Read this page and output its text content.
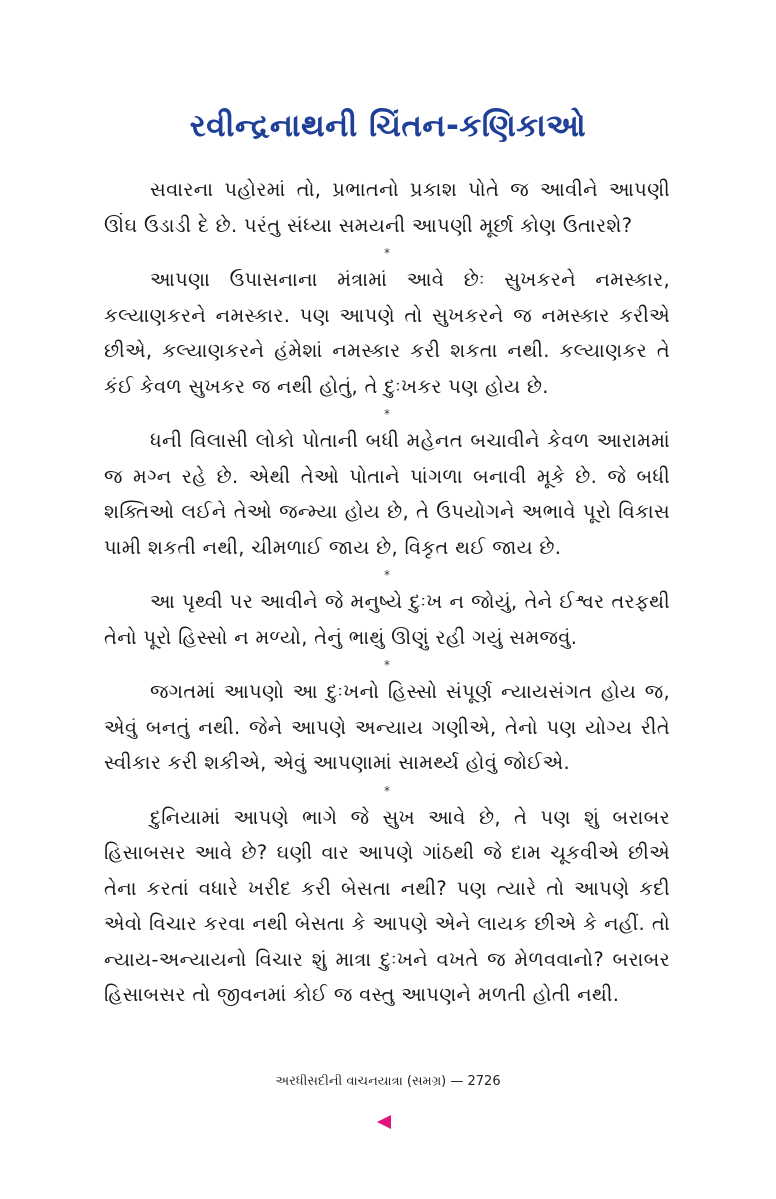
રવીન્દ્રનાથની ચિંતન-કણિકાઓ

સવારના પહોરમાં તો, પ્રભાતનો પ્રકાશ પોતે જ આવીને આપણી ઊંઘ ઉડાડી દે છે. પરંતુ સંધ્યા સમયની આપણી મૂર્છા કોણ ઉતારશે?

*

આપણા ઉપાસનાના મંત્રામાં આવે છેઃ સુખકરને નમસ્કાર, કલ્યાણકરને નમસ્કાર. પણ આપણે તો સુખકરને જ નમસ્કાર કરીએ છીએ, કલ્યાણકરને હંમેશાં નમસ્કાર કરી શકતા નથી. કલ્યાણકર તે કંઈ કેવળ સુખકર જ નથી હોતું, તે દુઃખકર પણ હોય છે.

*

ધની વિલાસી લોકો પોતાની બધી મહેનત બચાવીને કેવળ આરામમાં જ મગ્ન રહે છે. એથી તેઓ પોતાને પાંગળા બનાવી મૂકે છે. જે બધી શક્તિઓ લઈને તેઓ જન્મ્યા હોય છે, તે ઉપયોગને અભાવે પૂરો વિકાસ પામી શકતી નથી, ચીમળાઈ જાય છે, વિકૃત થઈ જાય છે.

*

આ પૃથ્વી પર આવીને જે મનુષ્યે દુઃખ ન જોયું, તેને ઈશ્વર તરફથી તેનો પૂરો હિસ્સો ન મળ્યો, તેનું ભાથું ઊણું રહી ગયું સમજવું.

*

જગતમાં આપણો આ દુઃખનો હિસ્સો સંપૂર્ણ ન્યાયસંગત હોય જ, એવું બનતું નથી. જેને આપણે અન્યાય ગણીએ, તેનો પણ યોગ્ય રીતે સ્વીકાર કરી શકીએ, એવું આપણામાં સામર્થ્ય હોવું જોઈએ.

*

દુનિયામાં આપણે ભાગે જે સુખ આવે છે, તે પણ શું બરાબર હિસાબસર આવે છે? ઘણી વાર આપણે ગાંઠથી જે દામ ચૂકવીએ છીએ તેના કરતાં વધારે ખરીદ કરી બેસતા નથી? પણ ત્યારે તો આપણે કદી એવો વિચાર કરવા નથી બેસતા કે આપણે એને લાયક છીએ કે નહીં. તો ન્યાય-અન્યાયનો વિચાર શું માત્રા દુઃખને વખતે જ મેળવવાનો? બરાબર હિસાબસર તો જીવનમાં કોઈ જ વસ્તુ આપણને મળતી હોતી નથી.

અરધીસદીની વાચનયાત્રા (સમગ્ર) — 2726
